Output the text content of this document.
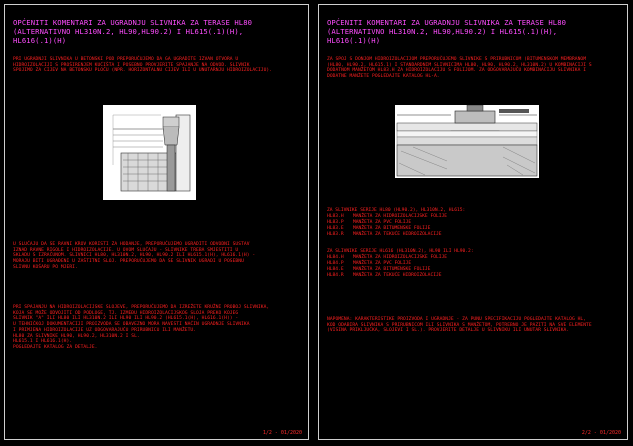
OPĆENITI KOMENTARI ZA UGRADNJU SLIVNIKA ZA TERASE HL80
(ALTERNATIVNO HL310N.2, HL90,HL90.2) I HL615(.1)(H), HL616(.1)(H)
PRI UGRADNJI SLIVNIKA U BETONSKI POD PREPORUČUJEMO DA GA UGRADITE IZVAN OTVORA U
HIDROIZOLACIJI S PROŠIRENJEM KUĆIŠTA I POSEBNO PROVJERITE SPAJANJE NA ODVOD. SLIVNIK
SPOJIMO ZA CIJEV NA BETONSKU PLOČU (NPR. HORIZONTALNU CIJEV ILI U UNUTARNJU HIDROIZOLACIJU).
U SLUČAJU DA SE RAVNI KROV KORISTI ZA HODANJE, PREPORUČUJEMO UGRADITI ODVODNI SUSTAV
IZNAD RAVNE RIGOLE I HIDROIZOLACIJE. U OVOM SLUČAJU - SLIVNIKE TREBA SMJESTITI U
SKLADU S IZRAČUNOM. SLIVNICI HL80, HL310N.2, HL90, HL90.2 ILI HL615.1(H), HL616.1(H) -
MORAJU BITI UGRAĐENI U ZAŠTITNI SLOJ. PREPORUČUJEMO DA SE SLIVNIK UGRADI U POSEBNU
SLIVNU KOŠARU PO MJERI.
PRI SPAJANJU NA HIDROIZOLACIJSKE SLOJEVE, PREPORUČUJEMO DA IZREŽETE KRUŽNI PROBOJ SLIVNIKA,
KOJA SE MOŽE ODVOJITI OD PODLOGE, TJ. IZMEĐU HIDROIZOLACIJSKOG SLOJA PREKO KOJEG
SLIVNIK "A" ILI HL80 ILI HL310N.2 ILI HL90 ILI HL90.2 (HL615.1(H), HL616.1(H)) -
U TEHNIČKOJ DOKUMENTACIJI PROIZVODA SE OBAVEZNO MORA NAVESTI NAČIN UGRADNJE SLIVNIKA
I PRIMJENA HIDROIZOLACIJE UZ ODGOVARAJUĆU PRIRUBNICU ILI MANŽETU.
HL80 ZA SLIVNIKE HL90, HL90.2, HL310N.2 I SL.
HL615.1 I HL616.1(H).
POGLEDAJTE KATALOG ZA DETALJE.
1/2 - 01/2020
OPĆENITI KOMENTARI ZA UGRADNJU SLIVNIKA ZA TERASE HL80
(ALTERNATIVNO HL310N.2, HL90,HL90.2) I HL615(.1)(H), HL616(.1)(H)
ZA SPOJ S DONJOM HIDROIZOLACIJOM PREPORUČUJEMO SLIVNIKE S PRIRUBNICOM (BITUMENSKOM MEMBRANOM
(HL80, HL90.2, HL615.1) I STANDARDNIM SLIVNICIMA HL80, HL90, HL90.2, HL310N.2) U KOMBINACIJI S
DODATNOM MANŽETOM HL83.H ZA HIDROIZOLACIJU S FOLIJOM. ZA ODGOVARAJUĆU KOMBINACIJU SLIVNIKA I
DODATNE MANŽETE POGLEDAJTE KATALOG HL-A.
ZA SLIVNIKE SERIJE HL80 (HL90.2), HL310N.2, HL615:
HL83.H	MANŽETA ZA HIDROIZOLACIJSKE FOLIJE
HL83.P	MANŽETA ZA PVC FOLIJE
HL83.E	MANŽETA ZA BITUMENSKE FOLIJE
HL83.R	MANŽETA ZA TEKUĆE HIDROIZOLACIJE
ZA SLIVNIKE SERIJE HL616 (HL310N.2), HL90 ILI HL90.2:
HL84.H	MANŽETA ZA HIDROIZOLACIJSKE FOLIJE
HL84.P	MANŽETA ZA PVC FOLIJE
HL84.E	MANŽETA ZA BITUMENSKE FOLIJE
HL84.R	MANŽETA ZA TEKUĆE HIDROIZOLACIJE
NAPOMENA: KARAKTERISTIKE PROIZVODA I UGRADNJE - ZA PUNU SPECIFIKACIJU POGLEDAJTE KATALOG HL,
KOD ODABIRA SLIVNIKA S PRIRUBNICOM ILI SLIVNIKA S MANŽETOM, POTREBNO JE PAZITI NA SVE ELEMENTE
(VISINA PRIKLJUČKA, SLOJEVI I SL.). PROVJERITE DETALJE U SLIVNIKU ILI UNUTAR SLIVNIKA.
2/2 - 01/2020
